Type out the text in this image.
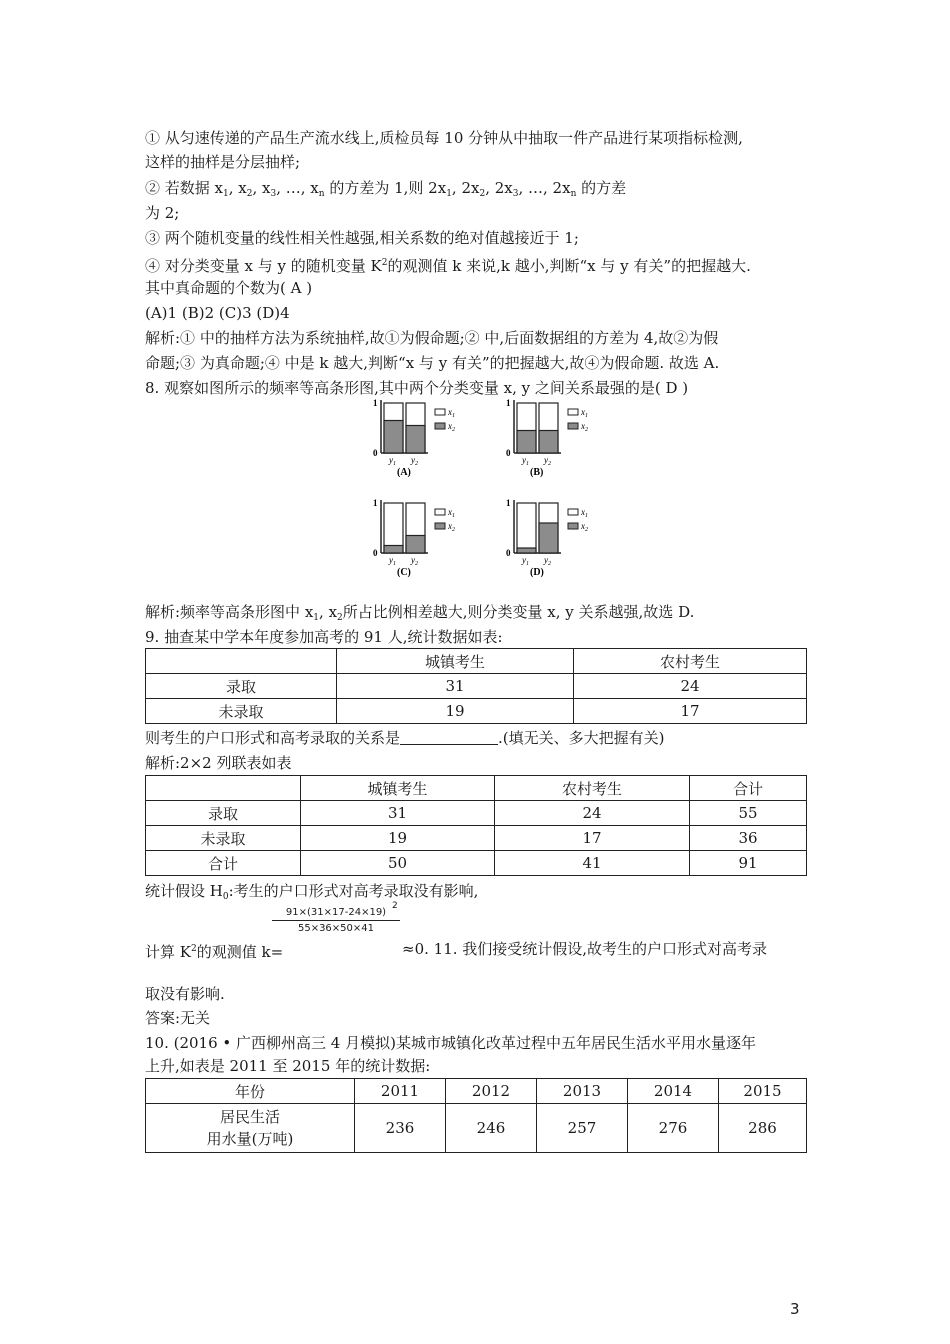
① 从匀速传递的产品生产流水线上,质检员每 10 分钟从中抽取一件产品进行某项指标检测,
这样的抽样是分层抽样;
② 若数据 $x_1$, $x_2$, $x_3$, …, $x_n$ 的方差为 1,则 $2x_1$, $2x_2$, $2x_3$, …, $2x_n$ 的方差
为 2;
③ 两个随机变量的线性相关性越强,相关系数的绝对值越接近于 1;
④ 对分类变量 x 与 y 的随机变量 $K^2$的观测值 k 来说,k 越小,判断“x 与 y 有关”的把握越大.
其中真命题的个数为( A )
(A)1 (B)2 (C)3 (D)4
解析:① 中的抽样方法为系统抽样,故①为假命题;② 中,后面数据组的方差为 4,故②为假
命题;③ 为真命题;④ 中是 k 越大,判断“x 与 y 有关”的把握越大,故④为假命题. 故选 A.
8. 观察如图所示的频率等高条形图,其中两个分类变量 x, y 之间关系最强的是( D )
1
0
$y_1$ $y_2$
$x_1$
$x_2$
(A)
1
0
$y_1$ $y_2$
$x_1$
$x_2$
(B)
1
0
$y_1$ $y_2$
$x_1$
$x_2$
(C)
1
0
$y_1$ $y_2$
$x_1$
$x_2$
(D)
解析:频率等高条形图中 $x_1$, $x_2$所占比例相差越大,则分类变量 x, y 关系越强,故选 D.
9. 抽查某中学本年度参加高考的 91 人,统计数据如表:
	城镇考生	农村考生
录取	31	24
未录取	19	17
则考生的户口形式和高考录取的关系是	.(填无关、多大把握有关)
解析:2×2 列联表如表
	城镇考生	农村考生	合计
录取	31	24	55
未录取	19	17	36
合计	50	41	91
统计假设 $H_0$:考生的户口形式对高考录取没有影响,
计算 $K^2$的观测值 k=
91×(31×17-24×19)
2
55×36×50×41
≈0. 11. 我们接受统计假设,故考生的户口形式对高考录
取没有影响.
答案:无关
10. (2016 • 广西柳州高三 4 月模拟)某城市城镇化改革过程中五年居民生活水平用水量逐年
上升,如表是 2011 至 2015 年的统计数据:
年份	2011	2012	2013	2014	2015

居民生活
用水量(万吨)	236	246	257	276	286
3
